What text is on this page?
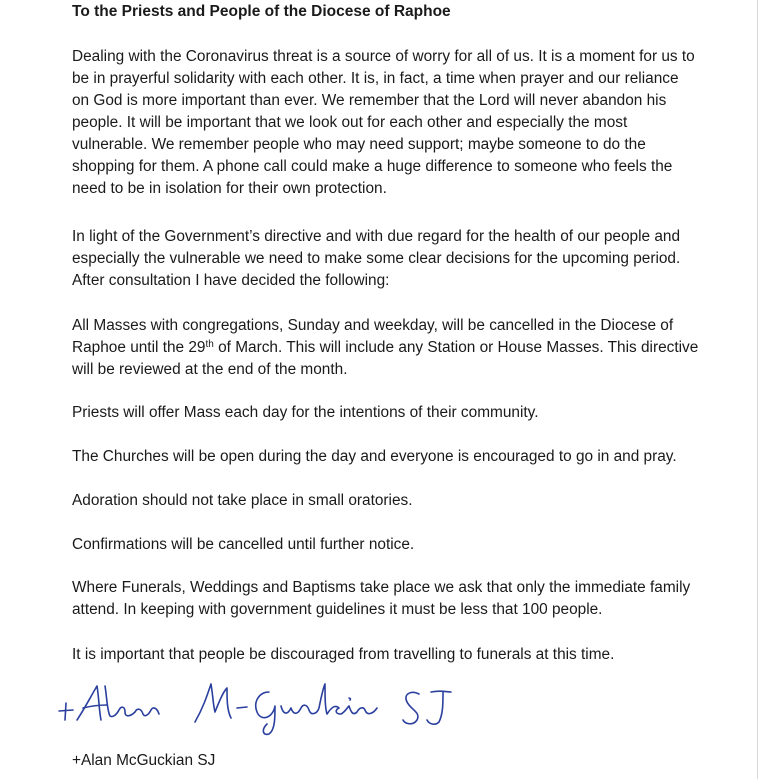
To the Priests and People of the Diocese of Raphoe

Dealing with the Coronavirus threat is a source of worry for all of us. It is a moment for us to
be in prayerful solidarity with each other. It is, in fact, a time when prayer and our reliance
on God is more important than ever. We remember that the Lord will never abandon his
people. It will be important that we look out for each other and especially the most
vulnerable. We remember people who may need support; maybe someone to do the
shopping for them. A phone call could make a huge difference to someone who feels the
need to be in isolation for their own protection.

In light of the Government’s directive and with due regard for the health of our people and
especially the vulnerable we need to make some clear decisions for the upcoming period.
After consultation I have decided the following:

All Masses with congregations, Sunday and weekday, will be cancelled in the Diocese of
Raphoe until the 29th of March. This will include any Station or House Masses. This directive
will be reviewed at the end of the month.

Priests will offer Mass each day for the intentions of their community.

The Churches will be open during the day and everyone is encouraged to go in and pray.

Adoration should not take place in small oratories.

Confirmations will be cancelled until further notice.

Where Funerals, Weddings and Baptisms take place we ask that only the immediate family
attend. In keeping with government guidelines it must be less that 100 people.

It is important that people be discouraged from travelling to funerals at this time.

+Alan McGuckian SJ
